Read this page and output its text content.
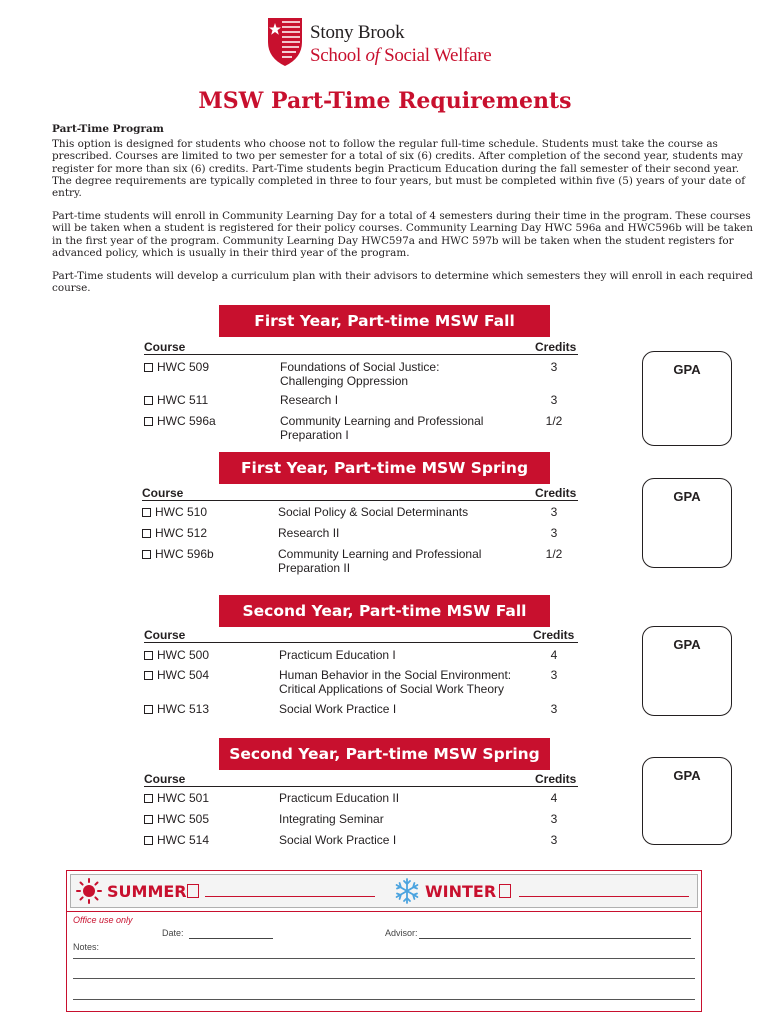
Stony Brook
School of Social Welfare
MSW Part-Time Requirements
Part-Time Program

This option is designed for students who choose not to follow the regular full-time schedule. Students must take the course as prescribed. Courses are limited to two per semester for a total of six (6) credits. After completion of the second year, students may register for more than six (6) credits. Part-Time students begin Practicum Education during the fall semester of their second year. The degree requirements are typically completed in three to four years, but must be completed within five (5) years of your date of entry.

Part-time students will enroll in Community Learning Day for a total of 4 semesters during their time in the program. These courses will be taken when a student is registered for their policy courses. Community Learning Day HWC 596a and HWC596b will be taken in the first year of the program. Community Learning Day HWC597a and HWC 597b will be taken when the student registers for advanced policy, which is usually in their third year of the program.

Part-Time students will develop a curriculum plan with their advisors to determine which semesters they will enroll in each required course.

First Year, Part-time MSW Fall
Course	Credits
HWC 509	Foundations of Social Justice:
Challenging Oppression
3
HWC 511	Research I	3
HWC 596a	Community Learning and Professional
Preparation I
1/2
GPA
First Year, Part-time MSW Spring
Course	Credits
HWC 510	Social Policy & Social Determinants	3
HWC 512	Research II	3
HWC 596b	Community Learning and Professional
Preparation II
1/2
GPA
Second Year, Part-time MSW Fall
Course	Credits
HWC 500	Practicum Education I	4
HWC 504	Human Behavior in the Social Environment:
Critical Applications of Social Work Theory
3
HWC 513	Social Work Practice I	3
GPA
Second Year, Part-time MSW Spring
Course	Credits
HWC 501	Practicum Education II	4
HWC 505	Integrating Seminar	3
HWC 514	Social Work Practice I	3
GPA
SUMMER	WINTER
Office use only
Date:	Advisor:
Notes:
